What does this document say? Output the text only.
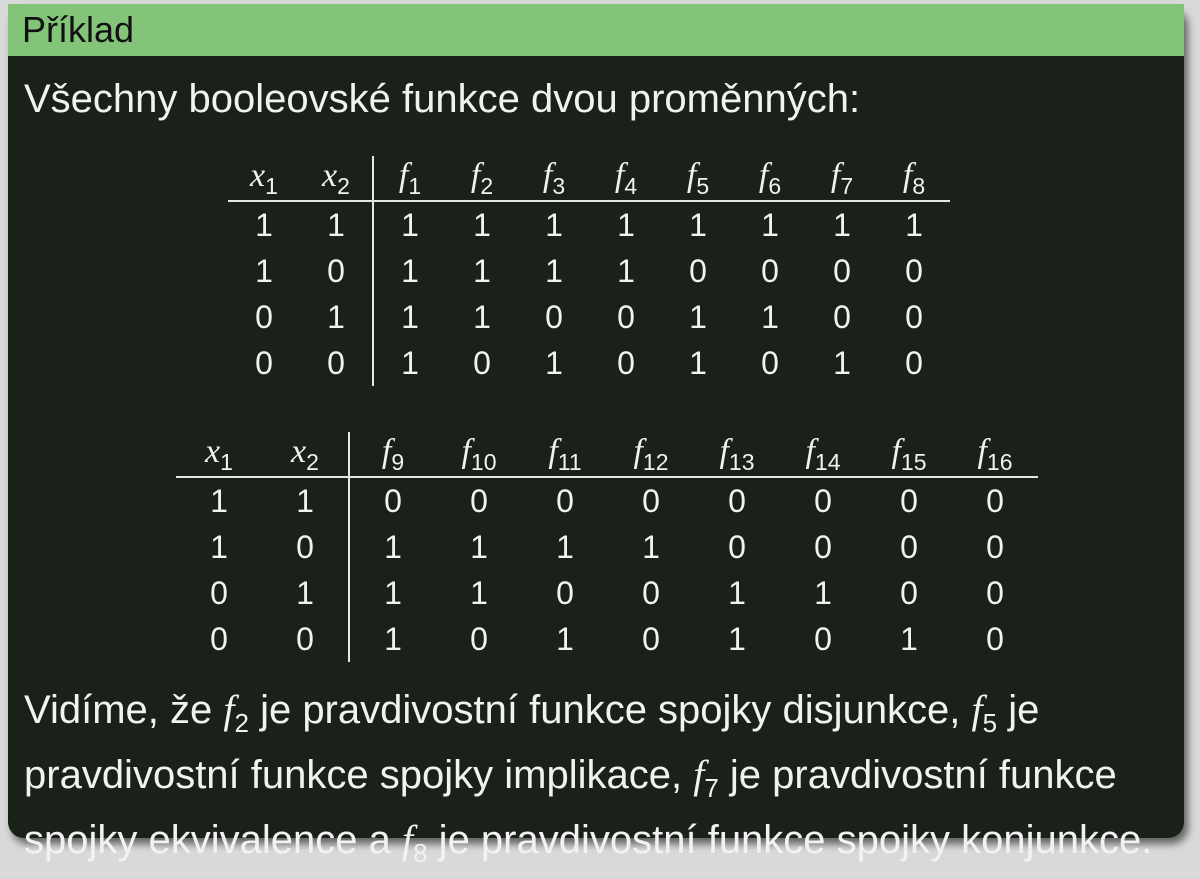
Příklad
Všechny booleovské funkce dvou proměnných:
$x_1$	$x_2$	$f_1$	$f_2$	$f_3$	$f_4$	$f_5$	$f_6$	$f_7$	$f_8$
1	1	1	1	1	1	1	1	1	1
1	0	1	1	1	1	0	0	0	0
0	1	1	1	0	0	1	1	0	0
0	0	1	0	1	0	1	0	1	0
$x_1$	$x_2$	$f_9$	$f_{10}$	$f_{11}$	$f_{12}$	$f_{13}$	$f_{14}$	$f_{15}$	$f_{16}$
1	1	0	0	0	0	0	0	0	0
1	0	1	1	1	1	0	0	0	0
0	1	1	1	0	0	1	1	0	0
0	0	1	0	1	0	1	0	1	0
Vidíme, že $f_2$ je pravdivostní funkce spojky disjunkce, $f_5$ je pravdivostní funkce spojky implikace, $f_7$ je pravdivostní funkce spojky ekvivalence a $f_8$ je pravdivostní funkce spojky konjunkce.
